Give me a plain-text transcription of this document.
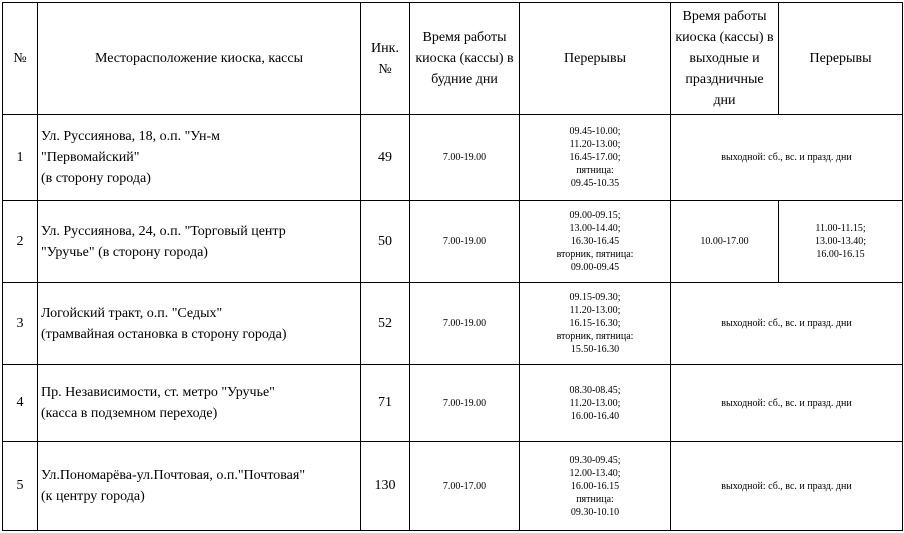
№	Месторасположение киоска, кассы	Инк. №	Время работы киоска (кассы) в будние дни	Перерывы	Время работы киоска (кассы) в выходные и праздничные дни	Перерывы
1	Ул. Руссиянова, 18, о.п. "Ун-м
"Первомайский"
(в сторону города)	49	7.00-19.00	09.45-10.00;
11.20-13.00;
16.45-17.00;
пятница:
09.45-10.35	выходной: сб., вс. и празд. дни	
2	Ул. Руссиянова, 24, о.п. "Торговый центр
"Уручье" (в сторону города)	50	7.00-19.00	09.00-09.15;
13.00-14.40;
16.30-16.45
вторник, пятница:
09.00-09.45	10.00-17.00	11.00-11.15;
13.00-13.40;
16.00-16.15
3	Логойский тракт, о.п. "Седых"
(трамвайная остановка в сторону города)	52	7.00-19.00	09.15-09.30;
11.20-13.00;
16.15-16.30;
вторник, пятница:
15.50-16.30	выходной: сб., вс. и празд. дни	
4	Пр. Независимости, ст. метро "Уручье"
(касса в подземном переходе)	71	7.00-19.00	08.30-08.45;
11.20-13.00;
16.00-16.40	выходной: сб., вс. и празд. дни	
5	Ул.Пономарёва-ул.Почтовая, о.п."Почтовая"
(к центру города)	130	7.00-17.00	09.30-09.45;
12.00-13.40;
16.00-16.15
пятница:
09.30-10.10	выходной: сб., вс. и празд. дни	
